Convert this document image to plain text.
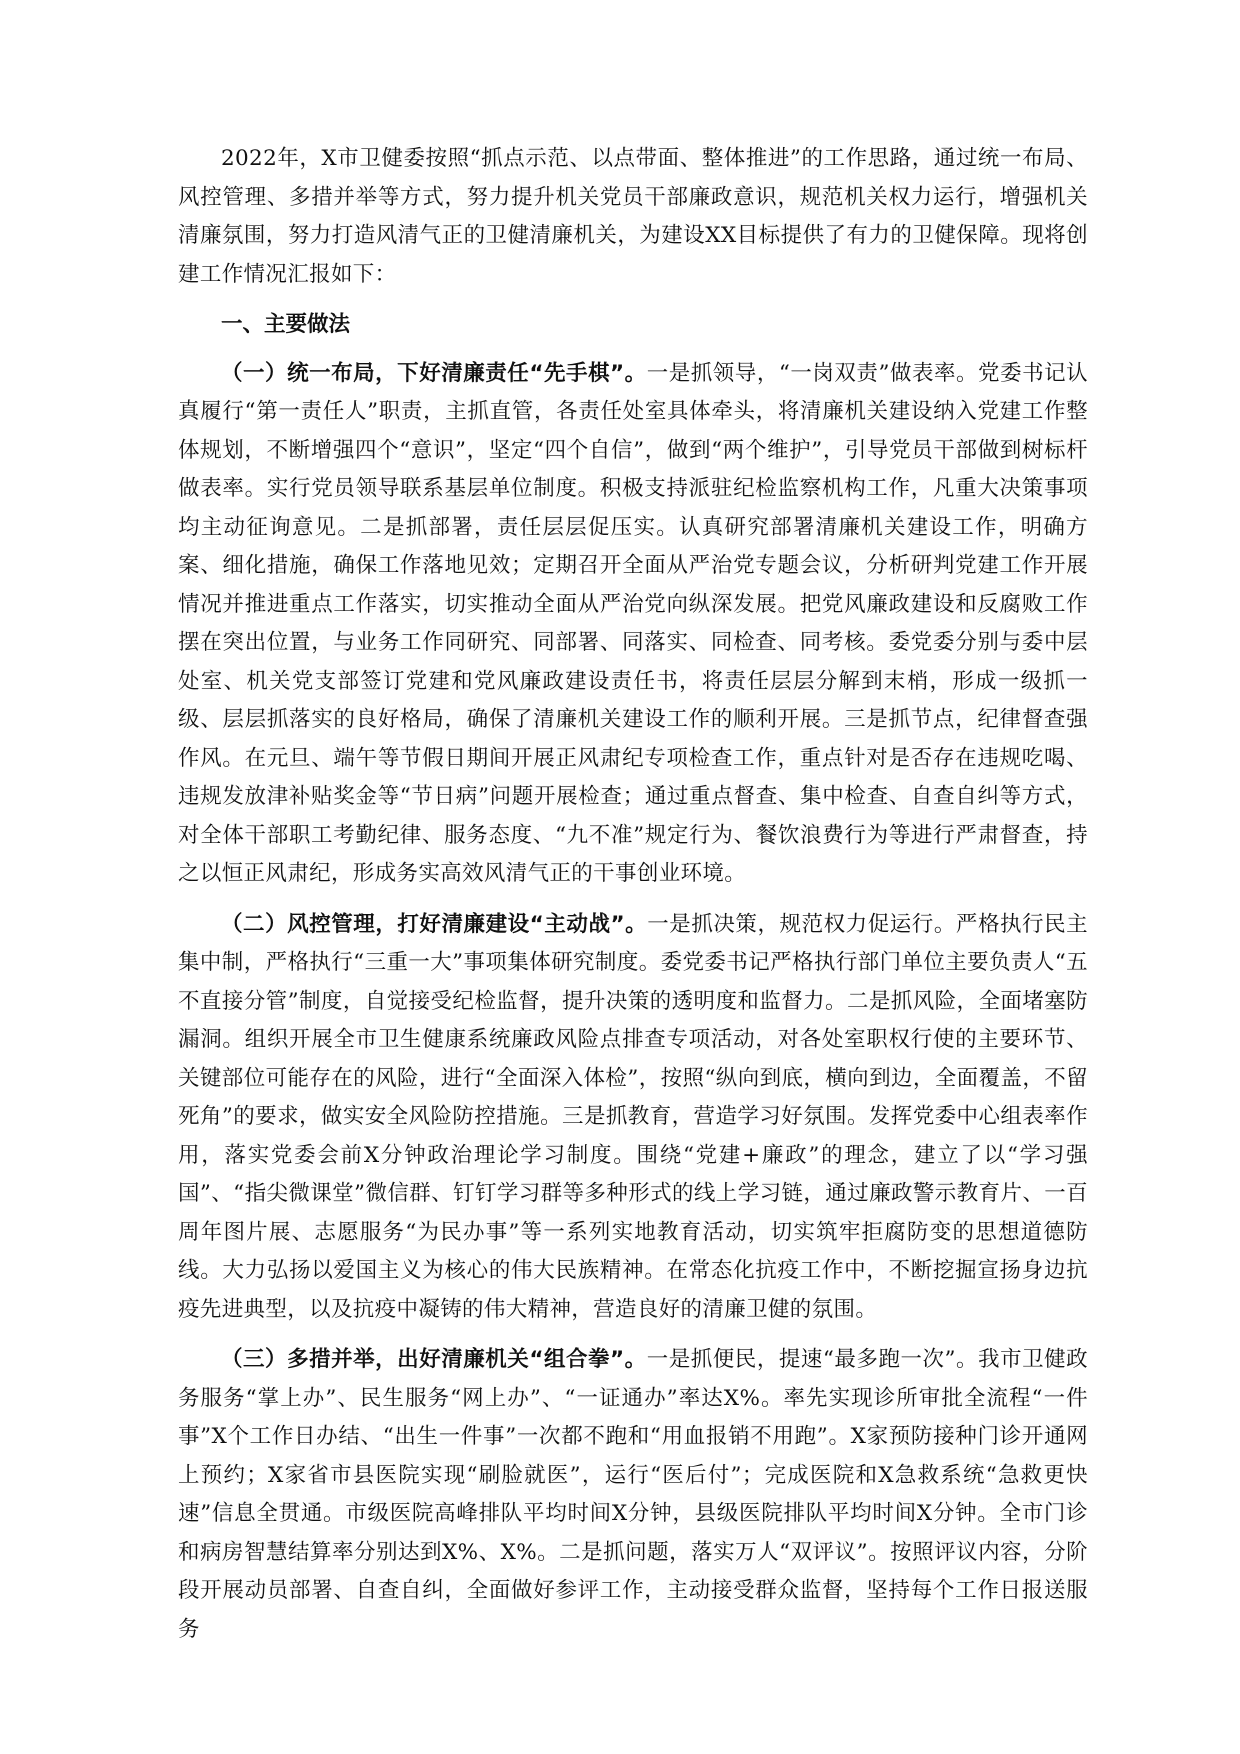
2022年，X市卫健委按照“抓点示范、以点带面、整体推进”的工作思路，通过统一布局、风控管理、多措并举等方式，努力提升机关党员干部廉政意识，规范机关权力运行，增强机关清廉氛围，努力打造风清气正的卫健清廉机关，为建设XX目标提供了有力的卫健保障。现将创建工作情况汇报如下：

一、主要做法

（一）统一布局，下好清廉责任“先手棋”。一是抓领导，“一岗双责”做表率。党委书记认真履行“第一责任人”职责，主抓直管，各责任处室具体牵头，将清廉机关建设纳入党建工作整体规划，不断增强四个“意识”，坚定“四个自信”，做到“两个维护”，引导党员干部做到树标杆做表率。实行党员领导联系基层单位制度。积极支持派驻纪检监察机构工作，凡重大决策事项均主动征询意见。二是抓部署，责任层层促压实。认真研究部署清廉机关建设工作，明确方案、细化措施，确保工作落地见效；定期召开全面从严治党专题会议，分析研判党建工作开展情况并推进重点工作落实，切实推动全面从严治党向纵深发展。把党风廉政建设和反腐败工作摆在突出位置，与业务工作同研究、同部署、同落实、同检查、同考核。委党委分别与委中层处室、机关党支部签订党建和党风廉政建设责任书，将责任层层分解到末梢，形成一级抓一级、层层抓落实的良好格局，确保了清廉机关建设工作的顺利开展。三是抓节点，纪律督查强作风。在元旦、端午等节假日期间开展正风肃纪专项检查工作，重点针对是否存在违规吃喝、违规发放津补贴奖金等“节日病”问题开展检查；通过重点督查、集中检查、自查自纠等方式，对全体干部职工考勤纪律、服务态度、“九不准”规定行为、餐饮浪费行为等进行严肃督查，持之以恒正风肃纪，形成务实高效风清气正的干事创业环境。

（二）风控管理，打好清廉建设“主动战”。一是抓决策，规范权力促运行。严格执行民主集中制，严格执行“三重一大”事项集体研究制度。委党委书记严格执行部门单位主要负责人“五不直接分管”制度，自觉接受纪检监督，提升决策的透明度和监督力。二是抓风险，全面堵塞防漏洞。组织开展全市卫生健康系统廉政风险点排查专项活动，对各处室职权行使的主要环节、关键部位可能存在的风险，进行“全面深入体检”，按照“纵向到底，横向到边，全面覆盖，不留死角”的要求，做实安全风险防控措施。三是抓教育，营造学习好氛围。发挥党委中心组表率作用，落实党委会前X分钟政治理论学习制度。围绕“党建+廉政”的理念，建立了以“学习强国”、“指尖微课堂”微信群、钉钉学习群等多种形式的线上学习链，通过廉政警示教育片、一百周年图片展、志愿服务“为民办事”等一系列实地教育活动，切实筑牢拒腐防变的思想道德防线。大力弘扬以爱国主义为核心的伟大民族精神。在常态化抗疫工作中，不断挖掘宣扬身边抗疫先进典型，以及抗疫中凝铸的伟大精神，营造良好的清廉卫健的氛围。

（三）多措并举，出好清廉机关“组合拳”。一是抓便民，提速“最多跑一次”。我市卫健政务服务“掌上办”、民生服务“网上办”、“一证通办”率达X%。率先实现诊所审批全流程“一件事”X个工作日办结、“出生一件事”一次都不跑和“用血报销不用跑”。X家预防接种门诊开通网上预约；X家省市县医院实现“刷脸就医”，运行“医后付”；完成医院和X急救系统“急救更快速”信息全贯通。市级医院高峰排队平均时间X分钟，县级医院排队平均时间X分钟。全市门诊和病房智慧结算率分别达到X%、X%。二是抓问题，落实万人“双评议”。按照评议内容，分阶段开展动员部署、自查自纠，全面做好参评工作，主动接受群众监督，坚持每个工作日报送服务
